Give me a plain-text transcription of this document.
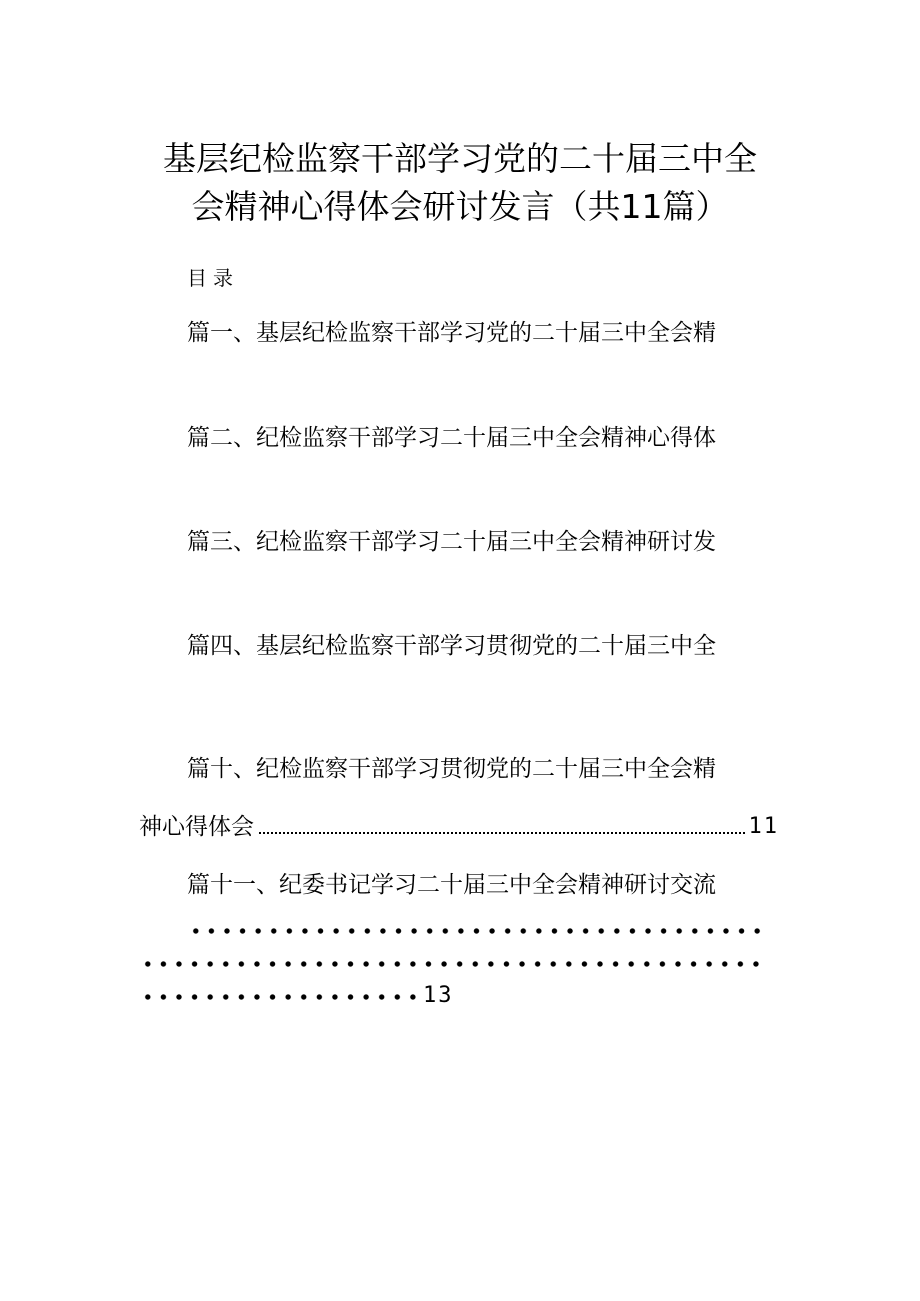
基层纪检监察干部学习党的二十届三中全
会精神心得体会研讨发言（共11篇）
目录
篇一、基层纪检监察干部学习党的二十届三中全会精
篇二、纪检监察干部学习二十届三中全会精神心得体
篇三、纪检监察干部学习二十届三中全会精神研讨发
篇四、基层纪检监察干部学习贯彻党的二十届三中全
篇十、纪检监察干部学习贯彻党的二十届三中全会精
神心得体会	11
篇十一、纪委书记学习二十届三中全会精神研讨交流
13
